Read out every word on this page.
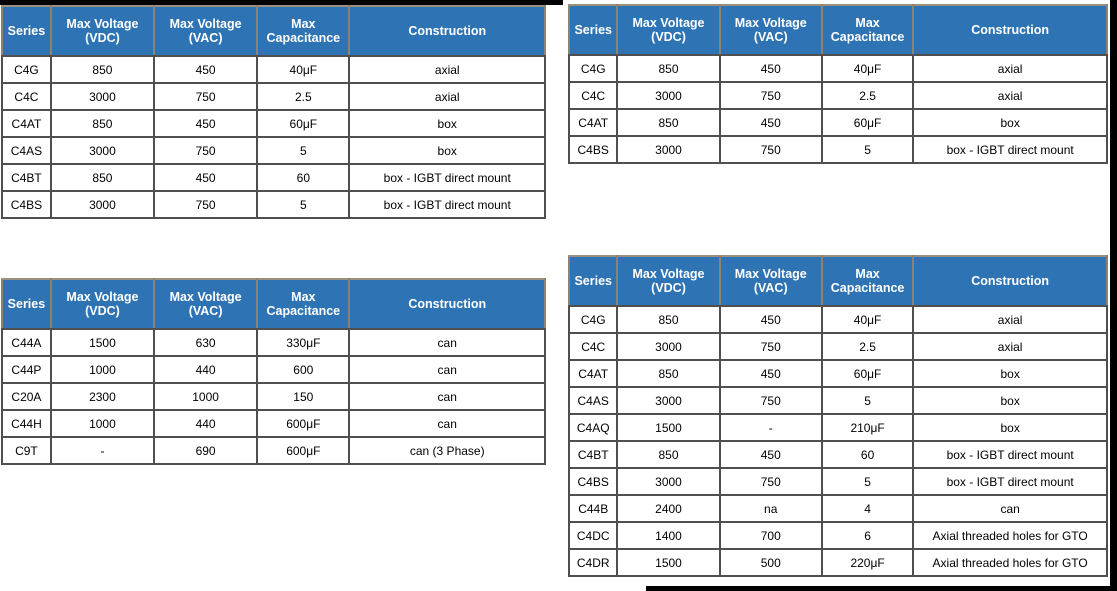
Series	Max Voltage (VDC)	Max Voltage (VAC)	Max Capacitance	Construction
C4G	850	450	40μF	axial
C4C	3000	750	2.5	axial
C4AT	850	450	60μF	box
C4AS	3000	750	5	box
C4BT	850	450	60	box - IGBT direct mount
C4BS	3000	750	5	box - IGBT direct mount
Series	Max Voltage (VDC)	Max Voltage (VAC)	Max Capacitance	Construction
C4G	850	450	40μF	axial
C4C	3000	750	2.5	axial
C4AT	850	450	60μF	box
C4BS	3000	750	5	box - IGBT direct mount
Series	Max Voltage (VDC)	Max Voltage (VAC)	Max Capacitance	Construction
C44A	1500	630	330μF	can
C44P	1000	440	600	can
C20A	2300	1000	150	can
C44H	1000	440	600μF	can
C9T	-	690	600μF	can (3 Phase)
Series	Max Voltage (VDC)	Max Voltage (VAC)	Max Capacitance	Construction
C4G	850	450	40μF	axial
C4C	3000	750	2.5	axial
C4AT	850	450	60μF	box
C4AS	3000	750	5	box
C4AQ	1500	-	210μF	box
C4BT	850	450	60	box - IGBT direct mount
C4BS	3000	750	5	box - IGBT direct mount
C44B	2400	na	4	can
C4DC	1400	700	6	Axial threaded holes for GTO
C4DR	1500	500	220μF	Axial threaded holes for GTO
